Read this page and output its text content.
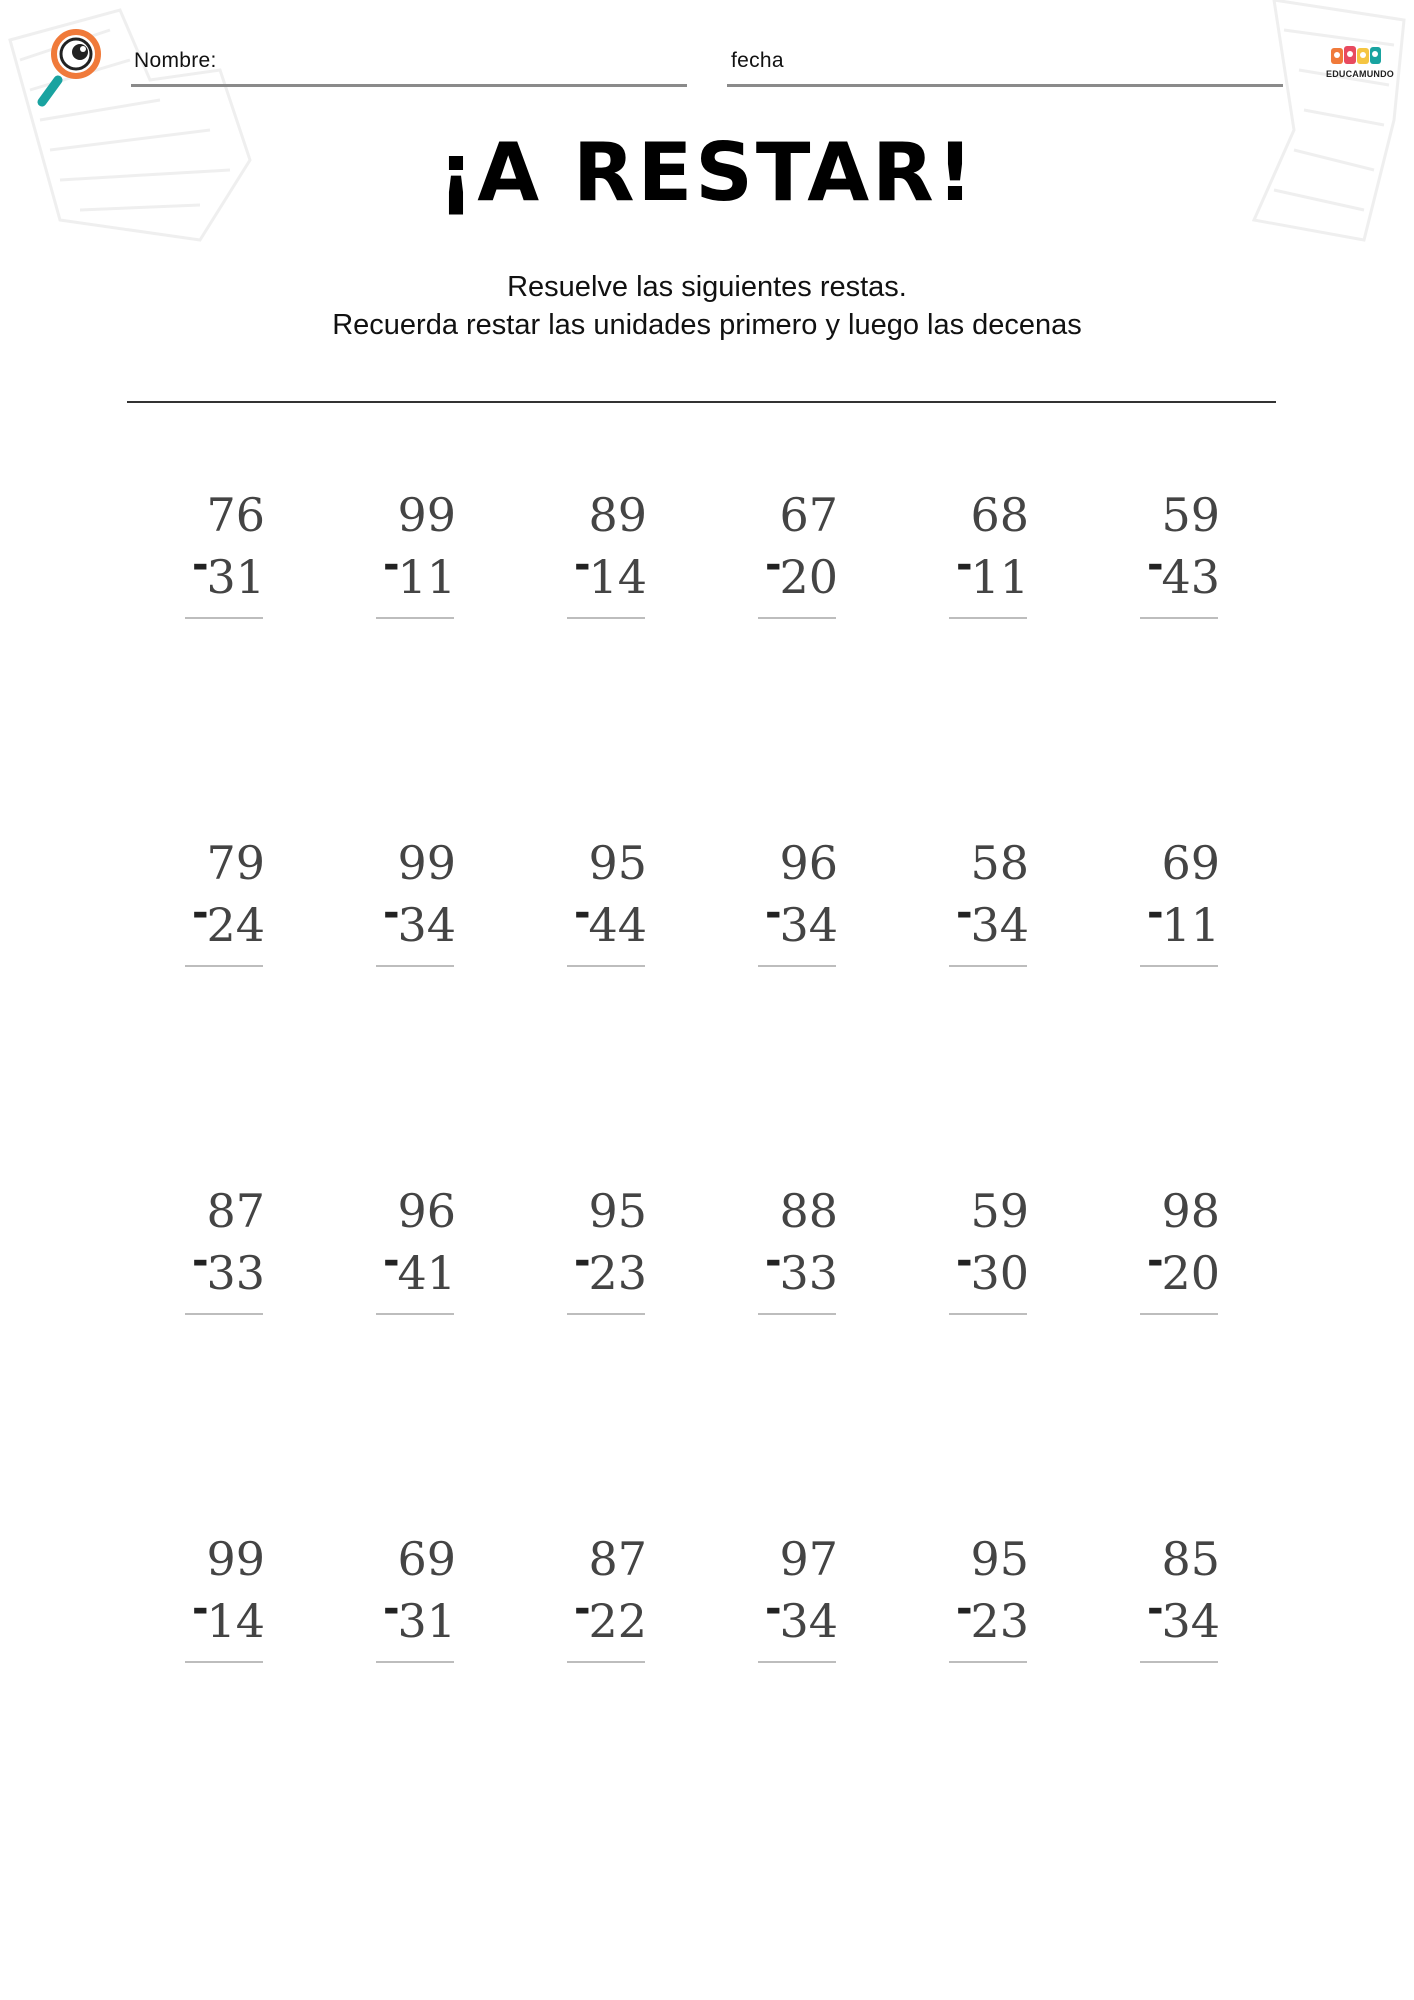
Nombre:	fecha
EDUCAMUNDO
¡A RESTAR!
Resuelve las siguientes restas.
Recuerda restar las unidades primero y luego las decenas
76
-
31
99
-
11
89
-
14
67
-
20
68
-
11
59
-
43
79
-
24
99
-
34
95
-
44
96
-
34
58
-
34
69
-
11
87
-
33
96
-
41
95
-
23
88
-
33
59
-
30
98
-
20
99
-
14
69
-
31
87
-
22
97
-
34
95
-
23
85
-
34
